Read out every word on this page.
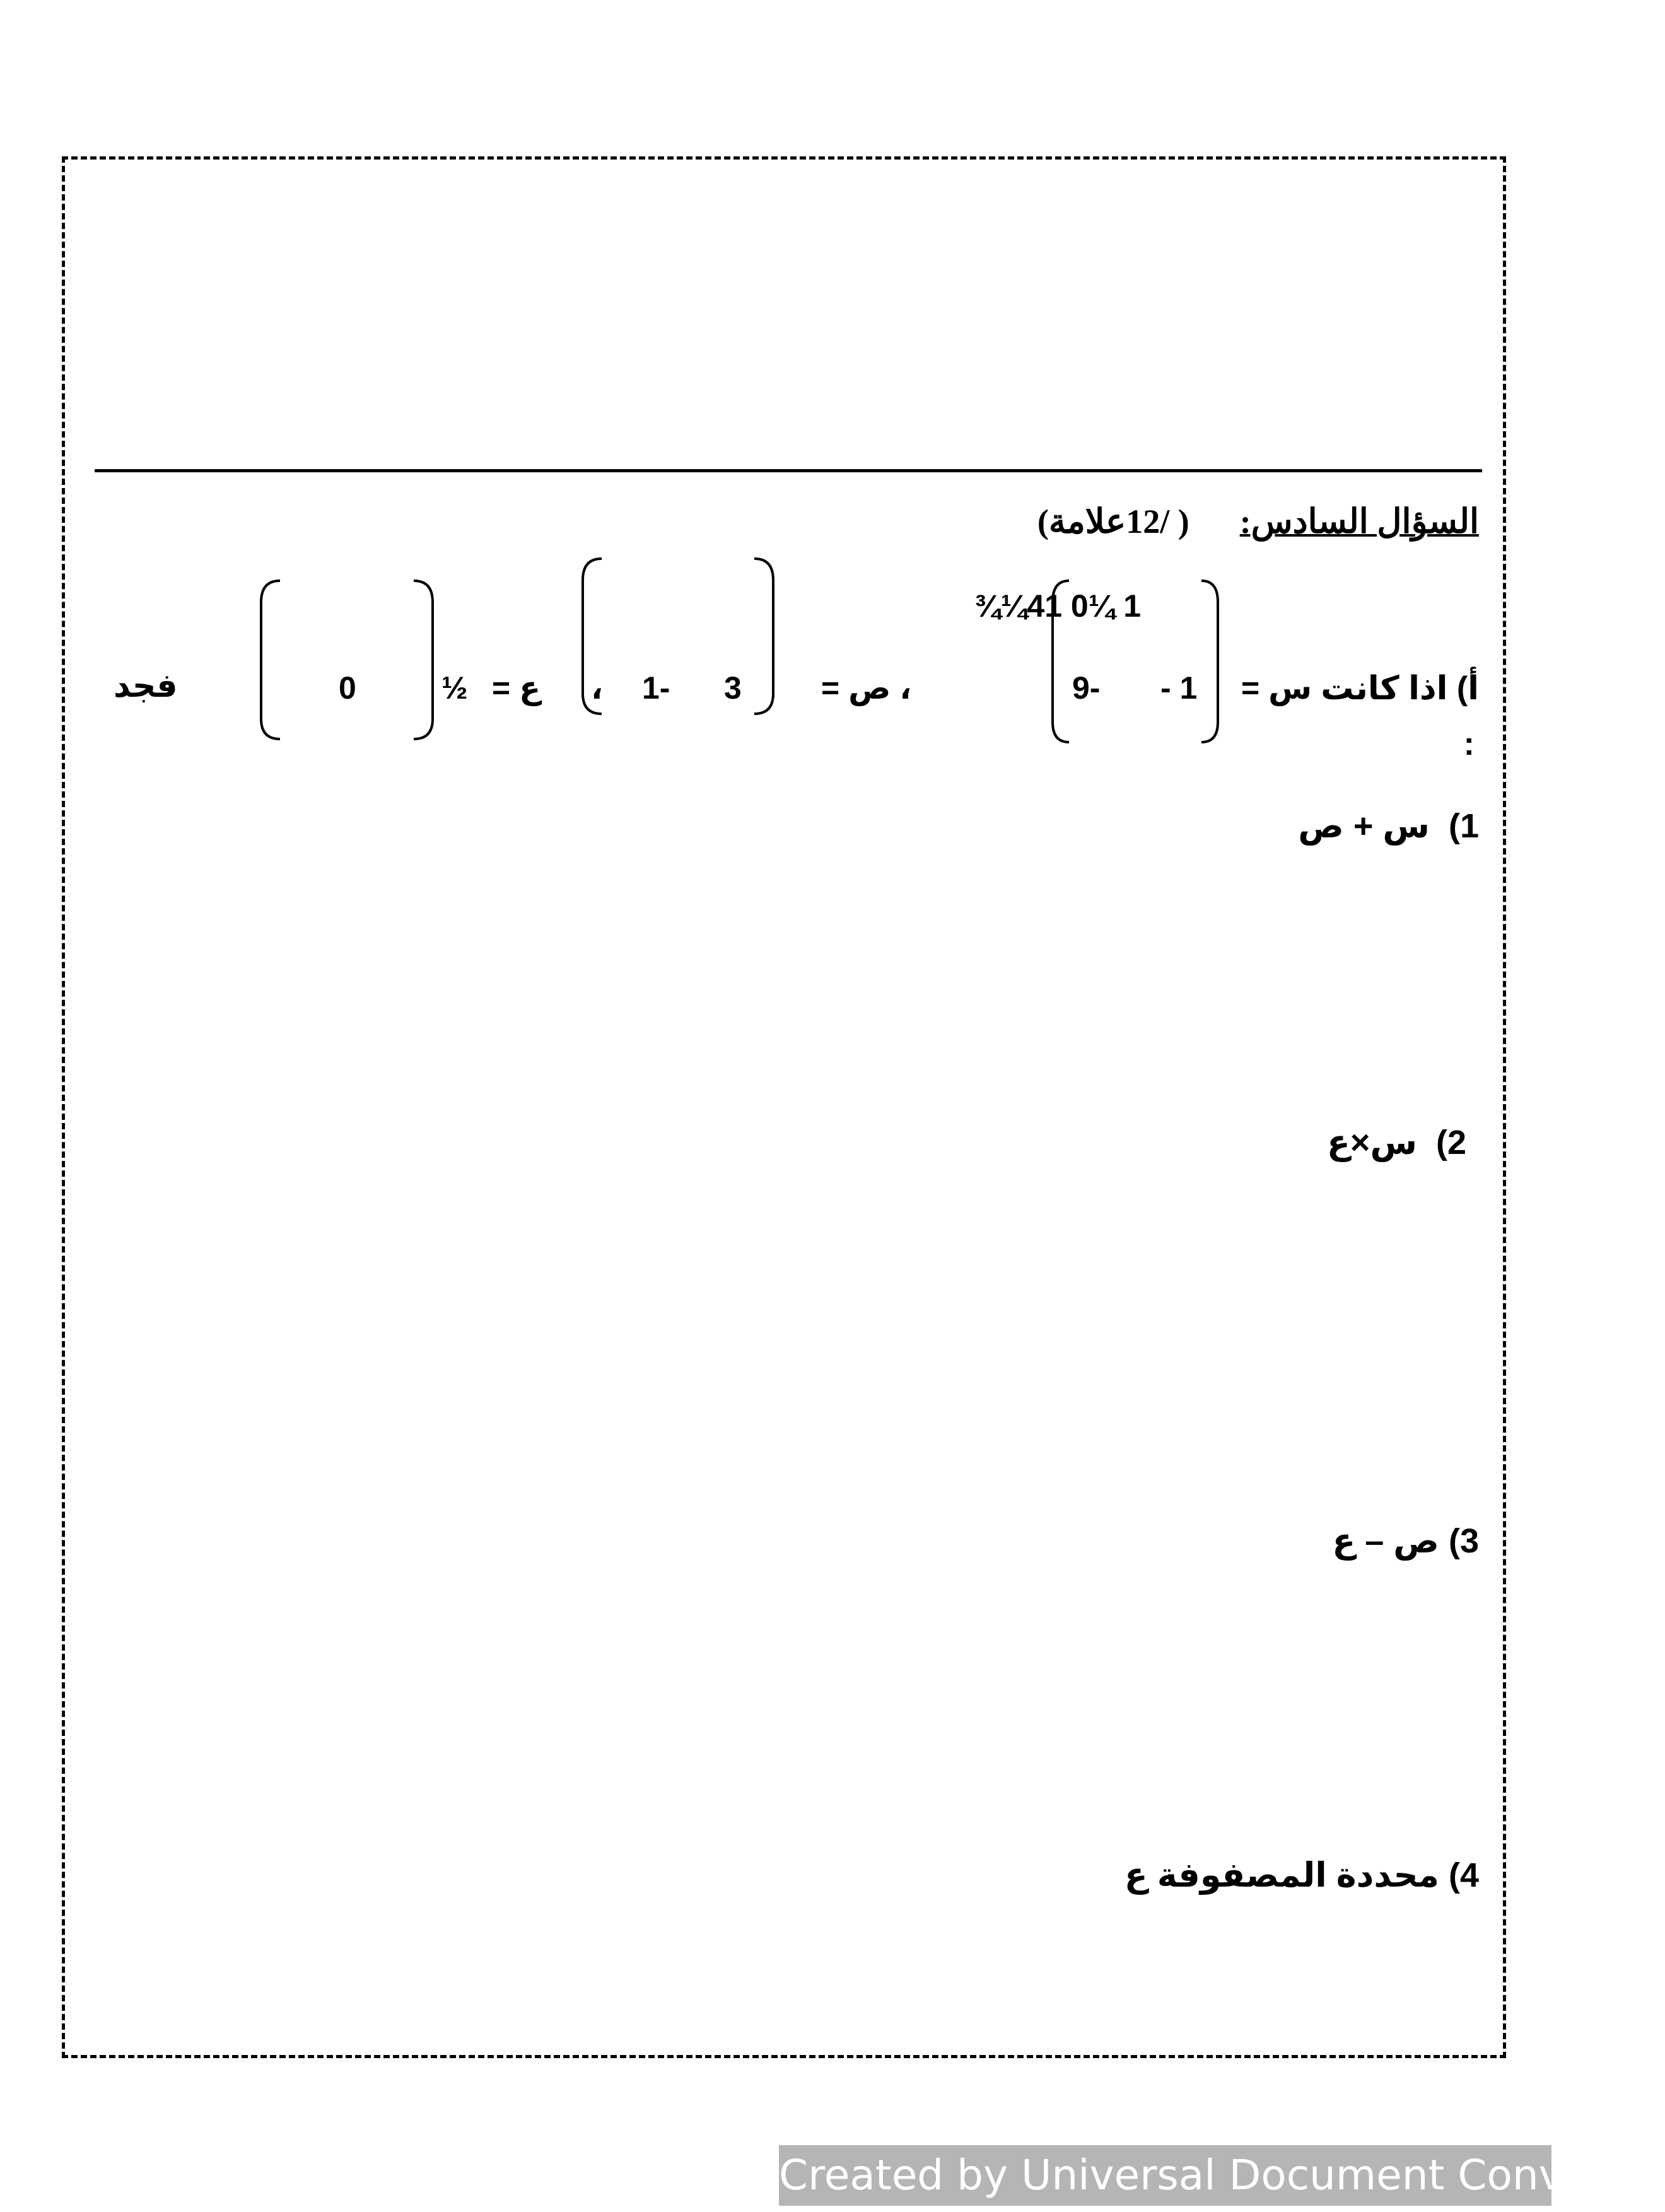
السؤال السادس:( /12علامة)
أ) اذا كانت
:
س =
¾¼41 0¼ 1
9- - 1
، ص =
1- 3
،
ع =
½
0
فجد
1)  س + ص
2)  س×ع
3) ص – ع
4) محددة المصفوفة ع
Created by Universal Document Converter
